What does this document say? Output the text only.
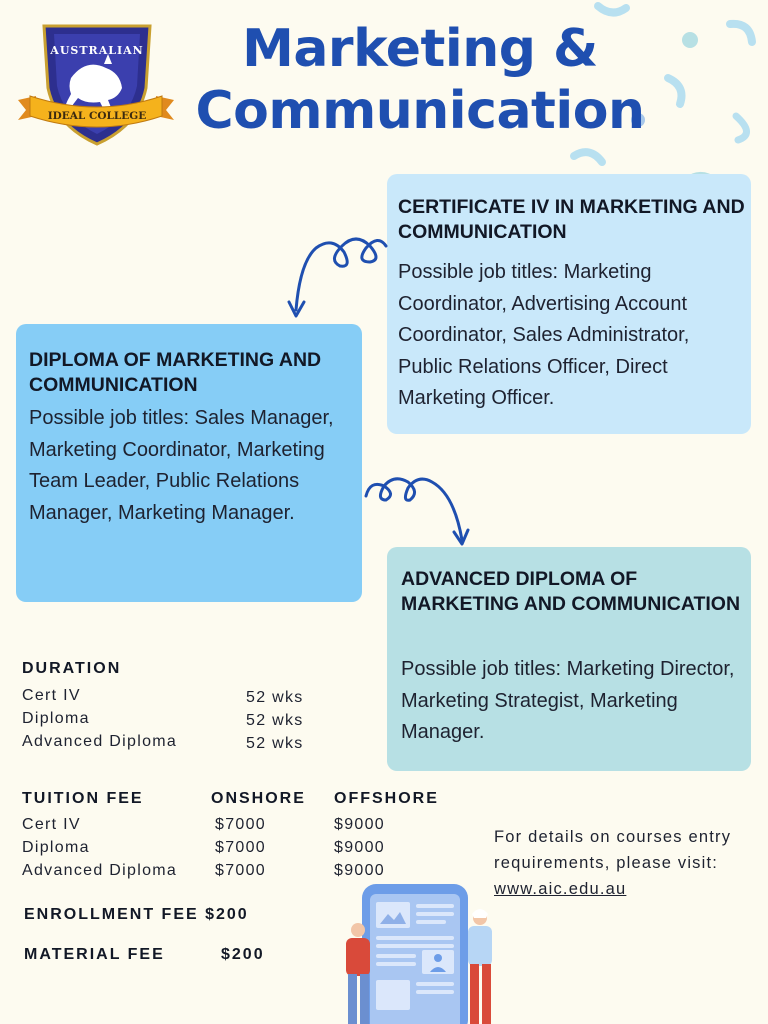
AUSTRALIAN
IDEAL COLLEGE
Marketing &
Communication
CERTIFICATE IV IN MARKETING AND COMMUNICATION
Possible job titles: Marketing Coordinator, Advertising Account Coordinator, Sales Administrator, Public Relations Officer, Direct Marketing Officer.
DIPLOMA OF MARKETING AND COMMUNICATION
Possible job titles: Sales Manager, Marketing Coordinator, Marketing Team Leader, Public Relations Manager, Marketing Manager.
ADVANCED DIPLOMA OF MARKETING AND COMMUNICATION
Possible job titles: Marketing Director, Marketing Strategist, Marketing Manager.
DURATION
Cert IV
Diploma
Advanced Diploma
52 wks
52 wks
52 wks
TUITION FEE	ONSHORE OFFSHORE
Cert IV
Diploma
Advanced Diploma
$7000
$7000
$7000
$9000
$9000
$9000
ENROLLMENT FEE $200
MATERIAL FEE	$200
For details on courses entry requirements, please visit: www.aic.edu.au
